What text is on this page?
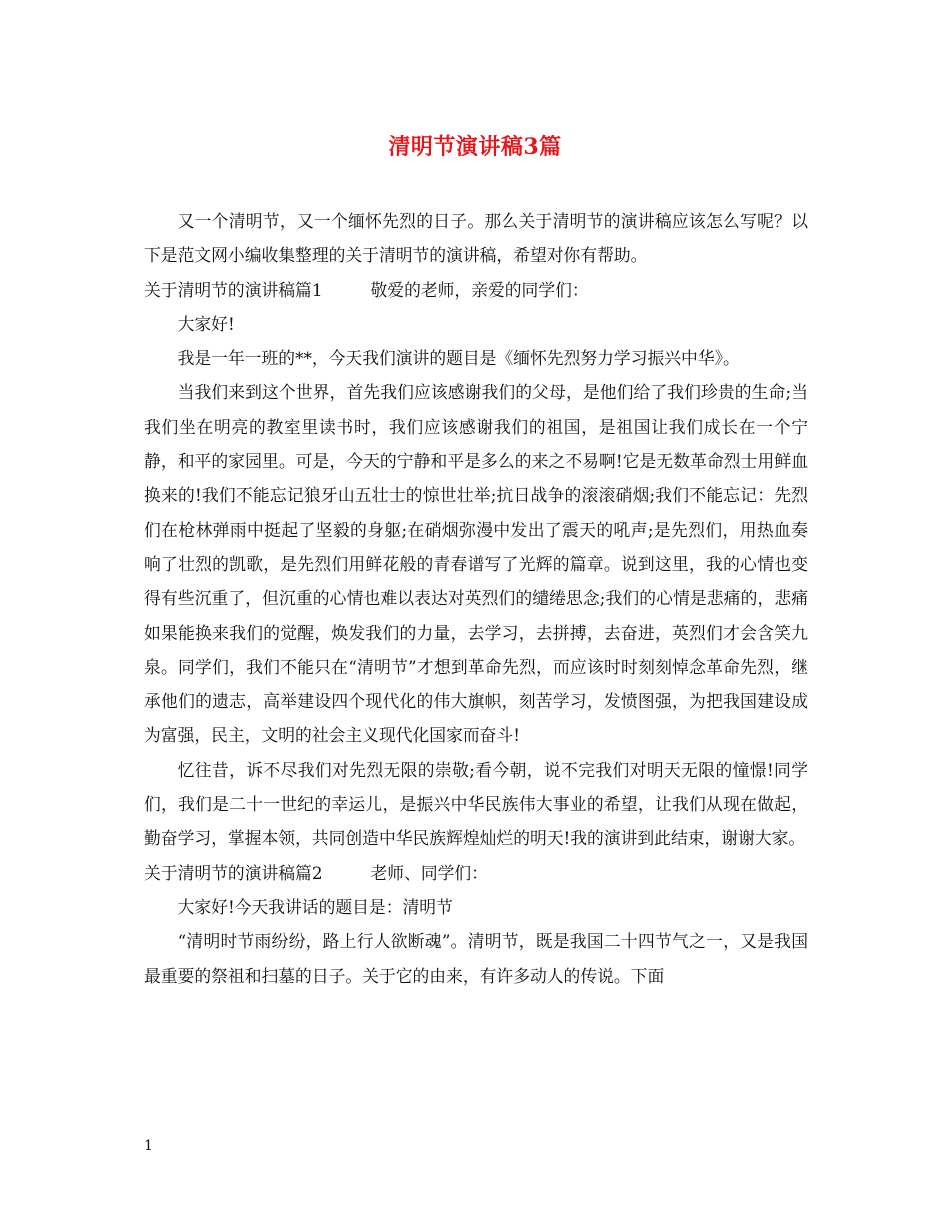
清明节演讲稿3篇

又一个清明节，又一个缅怀先烈的日子。那么关于清明节的演讲稿应该怎么写呢？以下是范文网小编收集整理的关于清明节的演讲稿，希望对你有帮助。

关于清明节的演讲稿篇1	敬爱的老师，亲爱的同学们：

大家好!

我是一年一班的**，今天我们演讲的题目是《缅怀先烈努力学习振兴中华》。

当我们来到这个世界，首先我们应该感谢我们的父母，是他们给了我们珍贵的生命;当我们坐在明亮的教室里读书时，我们应该感谢我们的祖国，是祖国让我们成长在一个宁静，和平的家园里。可是，今天的宁静和平是多么的来之不易啊!它是无数革命烈士用鲜血换来的!我们不能忘记狼牙山五壮士的惊世壮举;抗日战争的滚滚硝烟;我们不能忘记：先烈们在枪林弹雨中挺起了坚毅的身躯;在硝烟弥漫中发出了震天的吼声;是先烈们，用热血奏响了壮烈的凯歌，是先烈们用鲜花般的青春谱写了光辉的篇章。说到这里，我的心情也变得有些沉重了，但沉重的心情也难以表达对英烈们的缱绻思念;我们的心情是悲痛的，悲痛如果能换来我们的觉醒，焕发我们的力量，去学习，去拼搏，去奋进，英烈们才会含笑九泉。同学们，我们不能只在“清明节”才想到革命先烈，而应该时时刻刻悼念革命先烈，继承他们的遗志，高举建设四个现代化的伟大旗帜，刻苦学习，发愤图强，为把我国建设成为富强，民主，文明的社会主义现代化国家而奋斗!

忆往昔，诉不尽我们对先烈无限的崇敬;看今朝，说不完我们对明天无限的憧憬!同学们，我们是二十一世纪的幸运儿，是振兴中华民族伟大事业的希望，让我们从现在做起，勤奋学习，掌握本领，共同创造中华民族辉煌灿烂的明天!我的演讲到此结束，谢谢大家。

关于清明节的演讲稿篇2	老师、同学们：

大家好!今天我讲话的题目是：清明节

“清明时节雨纷纷，路上行人欲断魂”。清明节，既是我国二十四节气之一，又是我国最重要的祭祖和扫墓的日子。关于它的由来，有许多动人的传说。下面

1
